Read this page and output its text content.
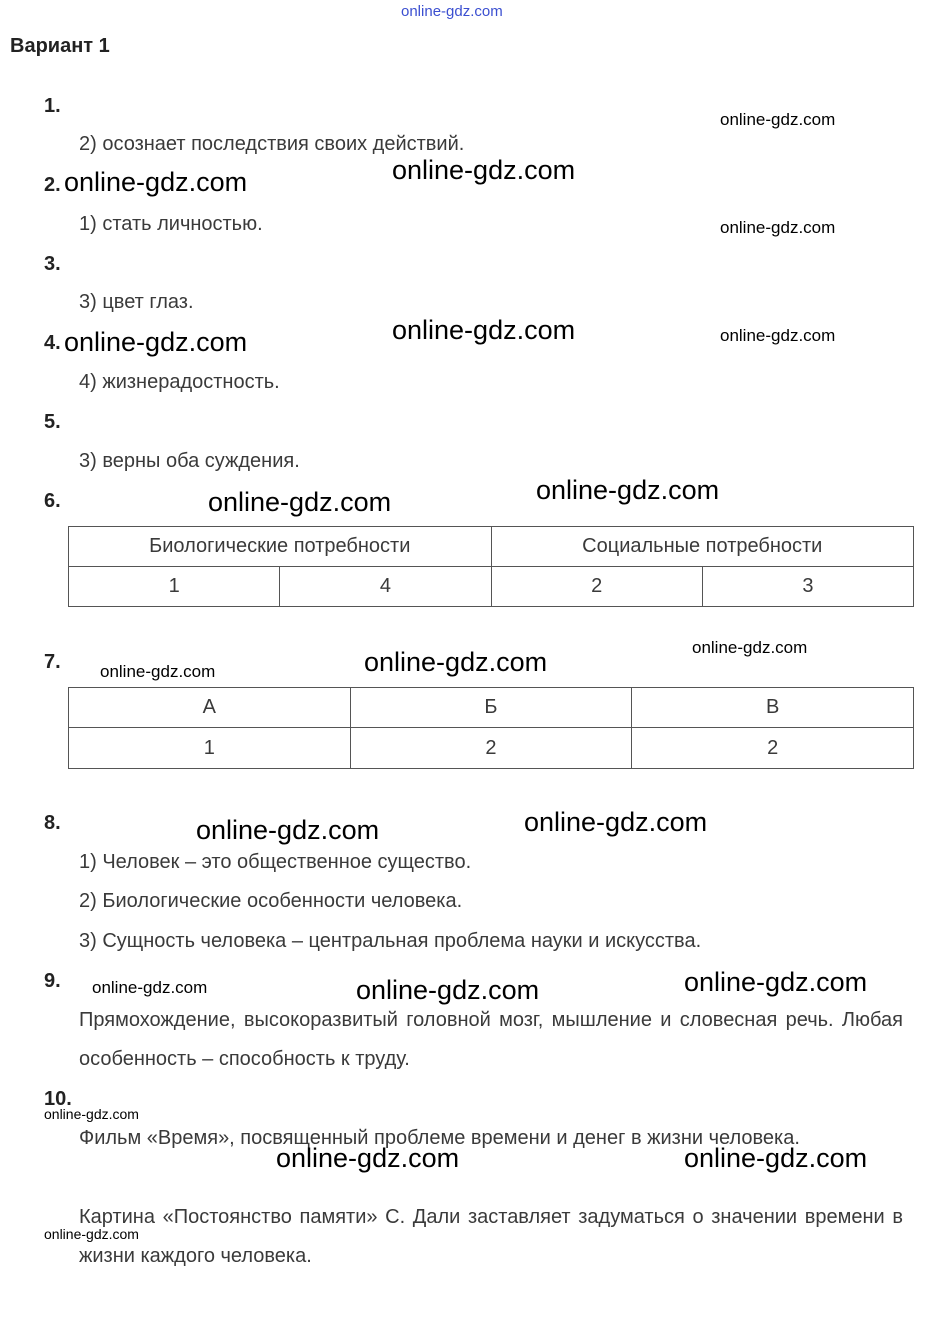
online-gdz.com
Вариант 1
1.
2) осознает последствия своих действий.
2.
1) стать личностью.
3.
3) цвет глаз.
4.
4) жизнерадостность.
5.
3) верны оба суждения.
6.
Биологические потребности		Социальные потребности	
1	4	2	3
7.
А	Б	В
1	2	2
8.
1) Человек – это общественное существо.
2) Биологические особенности человека.
3) Сущность человека – центральная проблема науки и искусства.
9.
Прямохождение, высокоразвитый головной мозг, мышление и словесная речь. Любая особенность – способность к труду.
10.
Фильм «Время», посвященный проблеме времени и денег в жизни человека.
Картина «Постоянство памяти» С. Дали заставляет задуматься о значении времени в жизни каждого человека.
online-gdz.com
online-gdz.com	online-gdz.com
online-gdz.com
online-gdz.com	online-gdz.com	online-gdz.com
online-gdz.com	online-gdz.com
online-gdz.com
online-gdz.com	online-gdz.com
online-gdz.com	online-gdz.com
online-gdz.com	online-gdz.com	online-gdz.com
online-gdz.com
online-gdz.com	online-gdz.com
online-gdz.com
